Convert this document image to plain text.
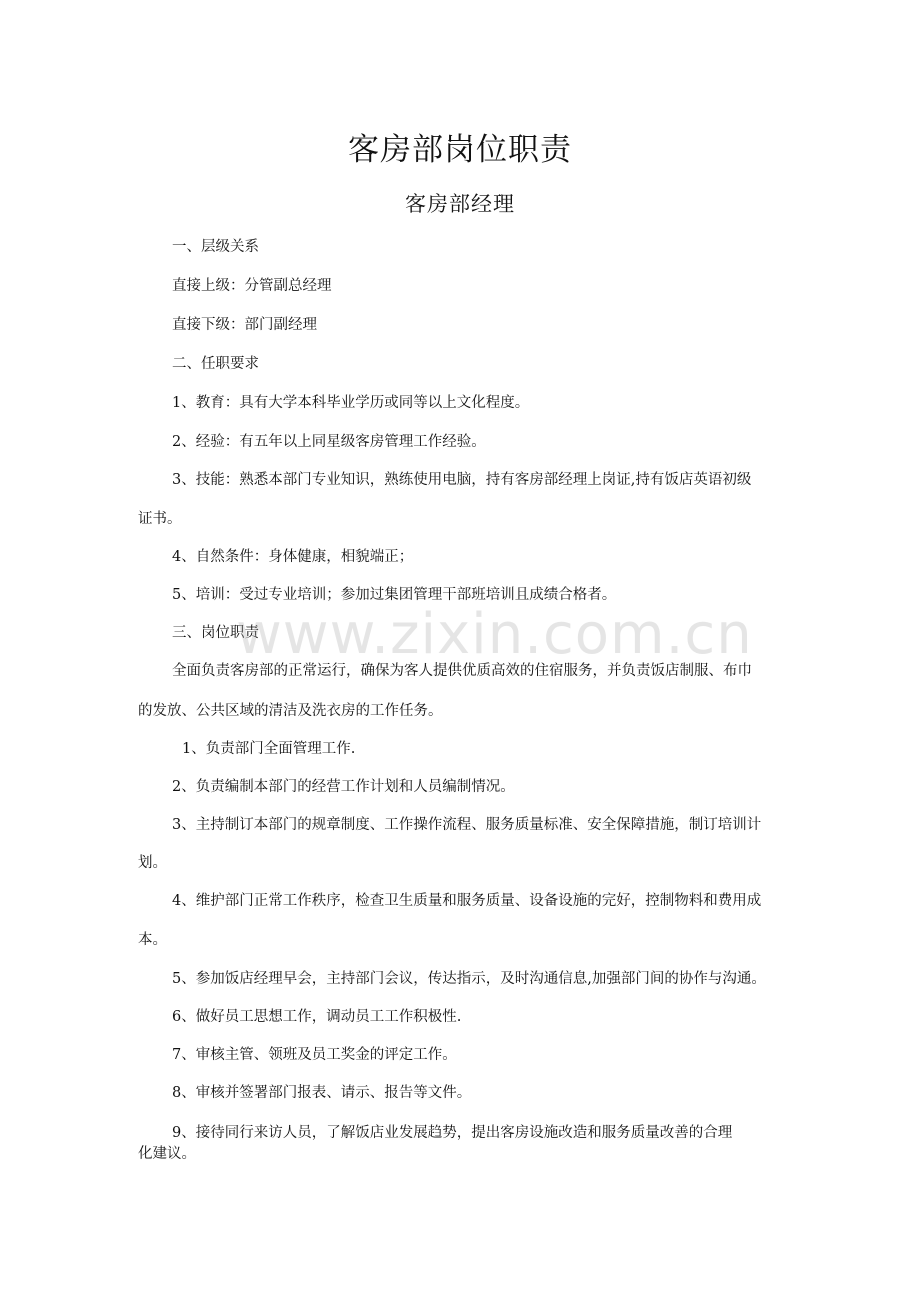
客房部岗位职责
客房部经理
一、层级关系
直接上级：分管副总经理
直接下级：部门副经理
二、任职要求
1、教育：具有大学本科毕业学历或同等以上文化程度。
2、经验：有五年以上同星级客房管理工作经验。
3、技能：熟悉本部门专业知识，熟练使用电脑，持有客房部经理上岗证,持有饭店英语初级
证书。
4、自然条件：身体健康，相貌端正；
5、培训：受过专业培训；参加过集团管理干部班培训且成绩合格者。
三、岗位职责
全面负责客房部的正常运行，确保为客人提供优质高效的住宿服务，并负责饭店制服、布巾
的发放、公共区域的清洁及洗衣房的工作任务。
1、负责部门全面管理工作.
2、负责编制本部门的经营工作计划和人员编制情况。
3、主持制订本部门的规章制度、工作操作流程、服务质量标准、安全保障措施，制订培训计
划。
4、维护部门正常工作秩序，检查卫生质量和服务质量、设备设施的完好，控制物料和费用成
本。
5、参加饭店经理早会，主持部门会议，传达指示，及时沟通信息,加强部门间的协作与沟通。
6、做好员工思想工作，调动员工工作积极性.
7、审核主管、领班及员工奖金的评定工作。
8、审核并签署部门报表、请示、报告等文件。
9、接待同行来访人员，了解饭店业发展趋势，提出客房设施改造和服务质量改善的合理
化建议。
www.zixin.com.cn
